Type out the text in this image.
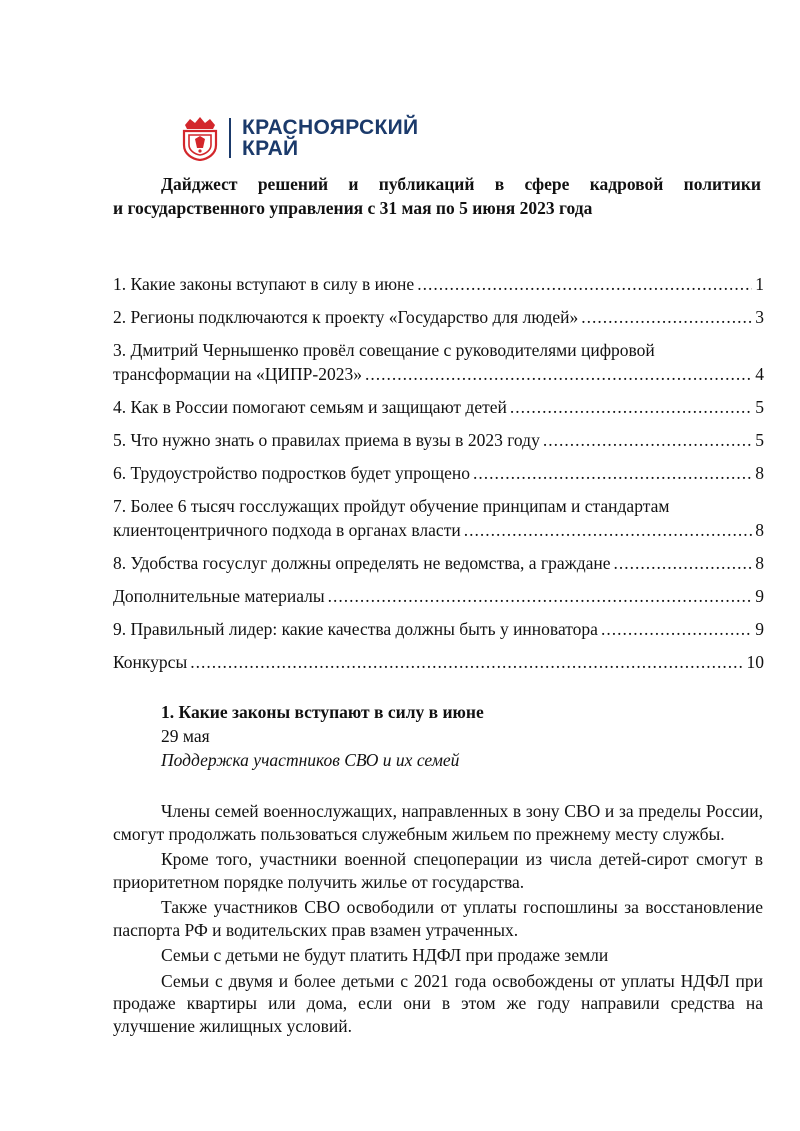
КРАСНОЯРСКИЙ
КРАЙ
Дайджест решений и публикаций в сфере кадровой политики
и государственного управления с 31 мая по 5 июня 2023 года
1. Какие законы вступают в силу в июне .....	1
2. Регионы подключаются к проекту «Государство для людей» .....	3
3. Дмитрий Чернышенко провёл совещание с руководителями цифровой
трансформации на «ЦИПР-2023» .....	4
4. Как в России помогают семьям и защищают детей .....	5
5. Что нужно знать о правилах приема в вузы в 2023 году .....	5
6. Трудоустройство подростков будет упрощено .....	8
7. Более 6 тысяч госслужащих пройдут обучение принципам и стандартам
клиентоцентричного подхода в органах власти .....	8
8. Удобства госуслуг должны определять не ведомства, а граждане .....	8
Дополнительные материалы .....	9
9. Правильный лидер: какие качества должны быть у инноватора .....	9
Конкурсы .....	10
1. Какие законы вступают в силу в июне
29 мая
Поддержка участников СВО и их семей

Члены семей военнослужащих, направленных в зону СВО и за пределы России, смогут продолжать пользоваться служебным жильем по прежнему месту службы.

Кроме того, участники военной спецоперации из числа детей-сирот смогут в приоритетном порядке получить жилье от государства.

Также участников СВО освободили от уплаты госпошлины за восстановление паспорта РФ и водительских прав взамен утраченных.

Семьи с детьми не будут платить НДФЛ при продаже земли

Семьи с двумя и более детьми с 2021 года освобождены от уплаты НДФЛ при продаже квартиры или дома, если они в этом же году направили средства на улучшение жилищных условий.
